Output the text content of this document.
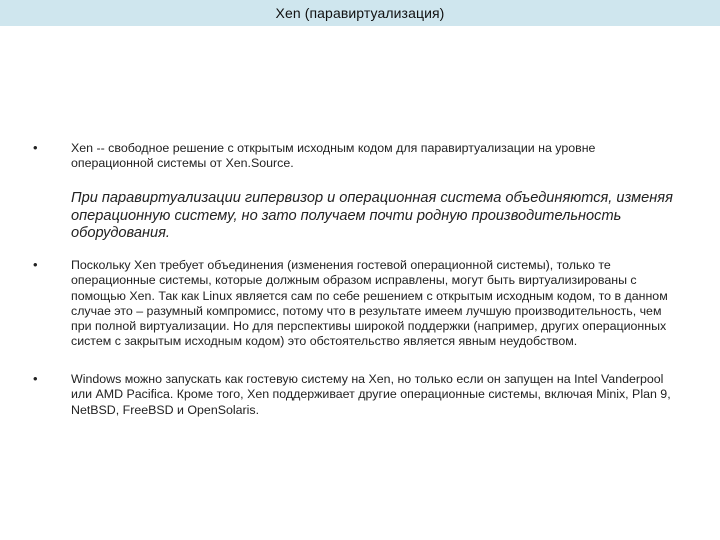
Xen (паравиртуализация)
•	Xen -- свободное решение с открытым исходным кодом для паравиртуализации на уровне операционной системы от Xen.Source.
При паравиртуализации гипервизор и операционная система объединяются, изменяя операционную систему, но зато получаем почти родную производительность оборудования.
•	Поскольку Xen требует объединения (изменения гостевой операционной системы), только те операционные системы, которые должным образом исправлены, могут быть виртуализированы с помощью Xen. Так как Linux является сам по себе решением с открытым исходным кодом, то в данном случае это – разумный компромисс, потому что в результате имеем лучшую производительность, чем при полной виртуализации. Но для перспективы широкой поддержки (например, других операционных систем с закрытым исходным кодом) это обстоятельство является явным неудобством.
•	Windows можно запускать как гостевую систему на Xen, но только если он запущен на Intel Vanderpool или AMD Pacifica. Кроме того, Xen поддерживает другие операционные системы, включая Minix, Plan 9, NetBSD, FreeBSD и OpenSolaris.
